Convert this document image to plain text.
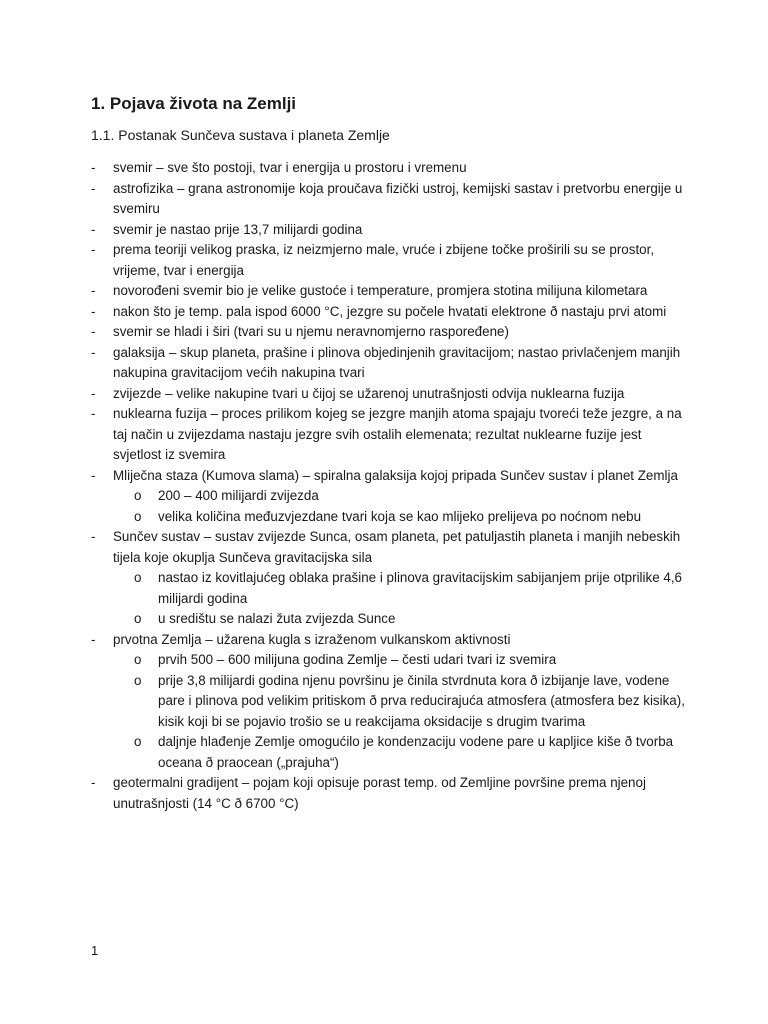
1. Pojava života na Zemlji
1.1. Postanak Sunčeva sustava i planeta Zemlje
- svemir – sve što postoji, tvar i energija u prostoru i vremenu
- astrofizika – grana astronomije koja proučava fizički ustroj, kemijski sastav i pretvorbu energije u svemiru
- svemir je nastao prije 13,7 milijardi godina
- prema teoriji velikog praska, iz neizmjerno male, vruće i zbijene točke proširili su se prostor, vrijeme, tvar i energija
- novorođeni svemir bio je velike gustoće i temperature, promjera stotina milijuna kilometara
- nakon što je temp. pala ispod 6000 °C, jezgre su počele hvatati elektrone ð nastaju prvi atomi
- svemir se hladi i širi (tvari su u njemu neravnomjerno raspoređene)
- galaksija – skup planeta, prašine i plinova objedinjenih gravitacijom; nastao privlačenjem manjih nakupina gravitacijom većih nakupina tvari
- zvijezde – velike nakupine tvari u čijoj se užarenoj unutrašnjosti odvija nuklearna fuzija
- nuklearna fuzija – proces prilikom kojeg se jezgre manjih atoma spajaju tvoreći teže jezgre, a na taj način u zvijezdama nastaju jezgre svih ostalih elemenata; rezultat nuklearne fuzije jest svjetlost iz svemira
- Mliječna staza (Kumova slama) – spiralna galaksija kojoj pripada Sunčev sustav i planet Zemlja
o 200 – 400 milijardi zvijezda
o velika količina međuzvjezdane tvari koja se kao mlijeko prelijeva po noćnom nebu
- Sunčev sustav – sustav zvijezde Sunca, osam planeta, pet patuljastih planeta i manjih nebeskih tijela koje okuplja Sunčeva gravitacijska sila
o nastao iz kovitlajućeg oblaka prašine i plinova gravitacijskim sabijanjem prije otprilike 4,6 milijardi godina
o u središtu se nalazi žuta zvijezda Sunce
- prvotna Zemlja – užarena kugla s izraženom vulkanskom aktivnosti
o prvih 500 – 600 milijuna godina Zemlje – česti udari tvari iz svemira
o prije 3,8 milijardi godina njenu površinu je činila stvrdnuta kora ð izbijanje lave, vodene pare i plinova pod velikim pritiskom ð prva reducirajuća atmosfera (atmosfera bez kisika), kisik koji bi se pojavio trošio se u reakcijama oksidacije s drugim tvarima
o daljnje hlađenje Zemlje omogućilo je kondenzaciju vodene pare u kapljice kiše ð tvorba oceana ð praocean („prajuha“)
- geotermalni gradijent – pojam koji opisuje porast temp. od Zemljine površine prema njenoj unutrašnjosti (14 °C ð 6700 °C)
1
